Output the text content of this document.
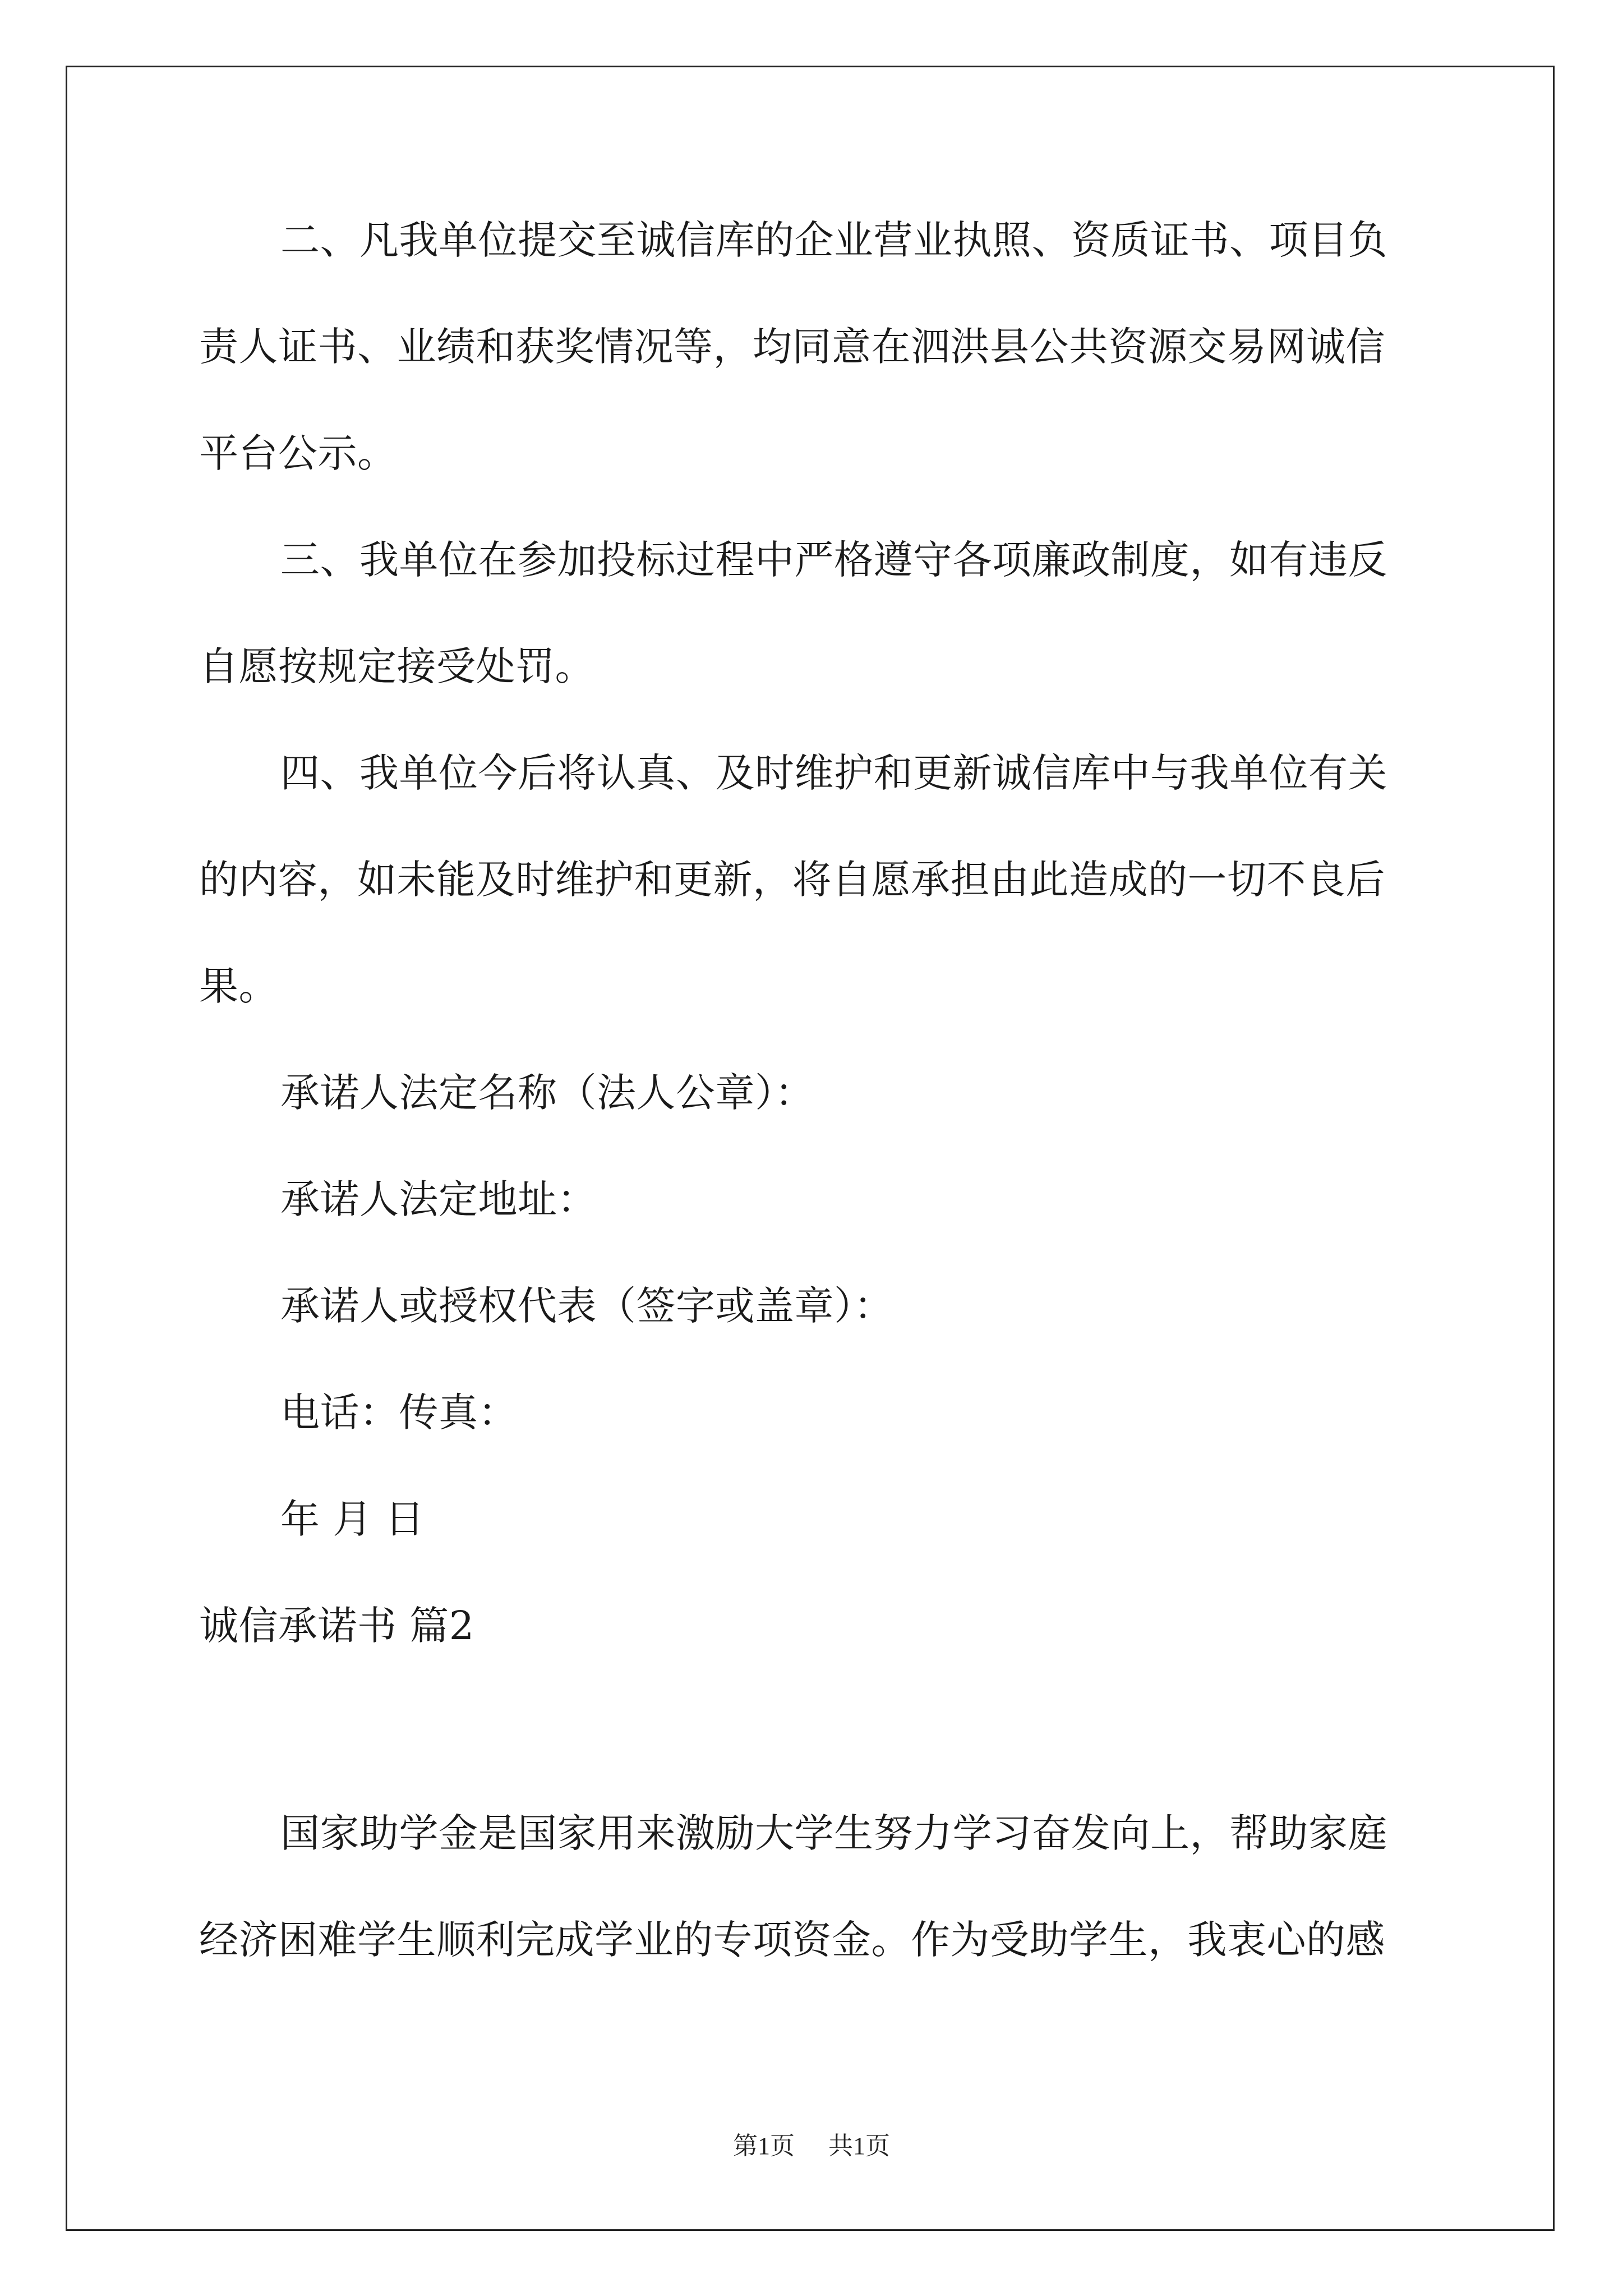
二、凡我单位提交至诚信库的企业营业执照、资质证书、项目负
责人证书、业绩和获奖情况等，均同意在泗洪县公共资源交易网诚信
平台公示。
三、我单位在参加投标过程中严格遵守各项廉政制度，如有违反
自愿按规定接受处罚。
四、我单位今后将认真、及时维护和更新诚信库中与我单位有关
的内容，如未能及时维护和更新，将自愿承担由此造成的一切不良后
果。
承诺人法定名称（法人公章）：
承诺人法定地址：
承诺人或授权代表（签字或盖章）：
电话：传真：
年 月 日
诚信承诺书 篇2
国家助学金是国家用来激励大学生努力学习奋发向上，帮助家庭
经济困难学生顺利完成学业的专项资金。作为受助学生，我衷心的感
第1页 共1页
